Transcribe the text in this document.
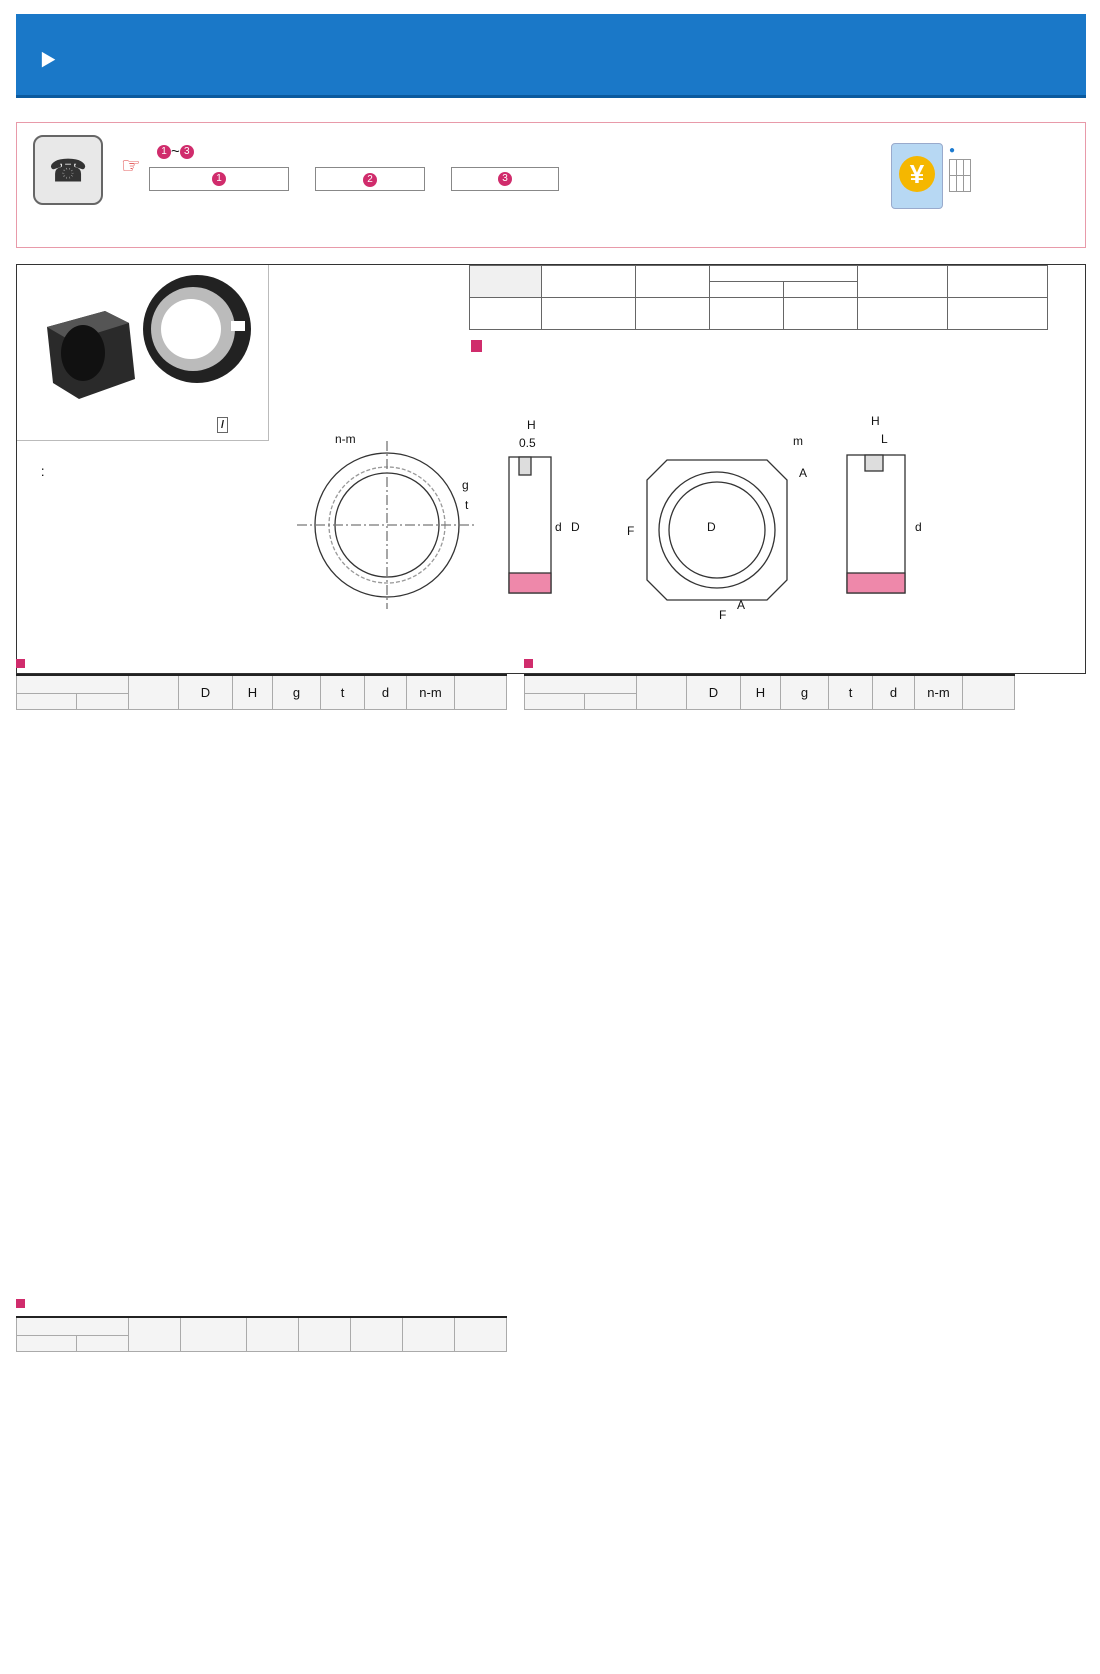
►
☎	☞
1 ~ 3
1	2	3	¥
●

/
:

n-m
g
t
H
0.5
d D	D
F
F
A
m
A
H
L
d
			D	H	g	t	d	n-m	

			D	H	g	t	d	n-m	
